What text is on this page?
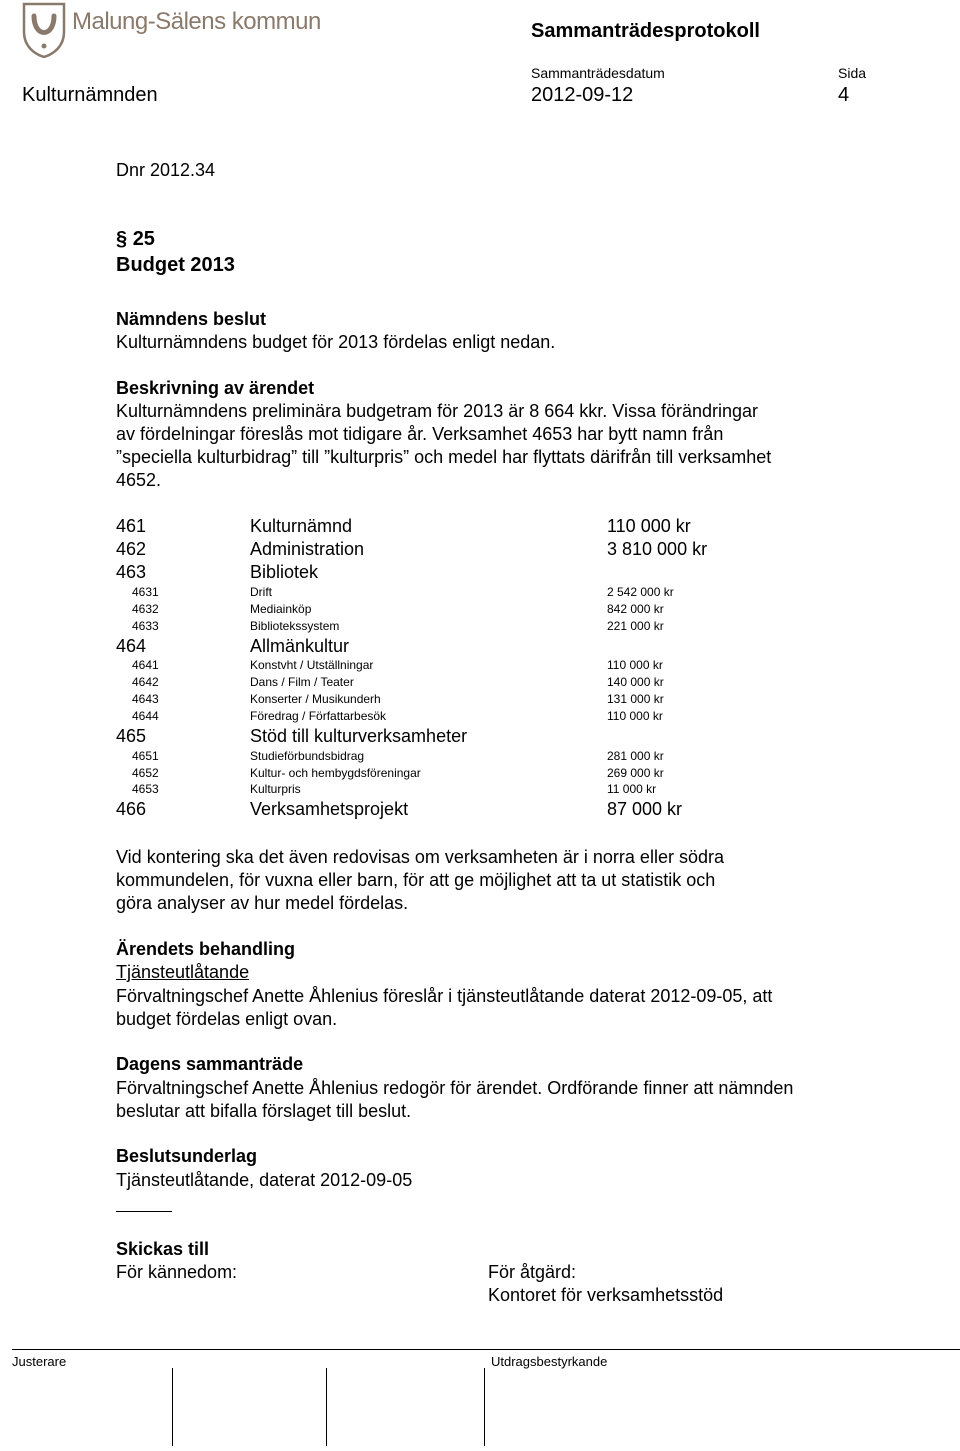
Malung-Sälens kommun	Sammanträdesprotokoll
Sammanträdesdatum	Sida
Kulturnämnden	2012-09-12	4
Dnr 2012.34
§ 25
Budget 2013
Nämndens beslut
Kulturnämndens budget för 2013 fördelas enligt nedan.
Beskrivning av ärendet
Kulturnämndens preliminära budgetram för 2013 är 8 664 kkr. Vissa förändringar
av fördelningar föreslås mot tidigare år. Verksamhet 4653 har bytt namn från
”speciella kulturbidrag” till ”kulturpris” och medel har flyttats därifrån till verksamhet
4652.
461	Kulturnämnd	110 000 kr
462	Administration	3 810 000 kr
463	Bibliotek
4631	Drift	2 542 000 kr
4632	Mediainköp	842 000 kr
4633	Bibliotekssystem	221 000 kr
464	Allmänkultur
4641	Konstvht / Utställningar	110 000 kr
4642	Dans / Film / Teater	140 000 kr
4643	Konserter / Musikunderh	131 000 kr
4644	Föredrag / Författarbesök	110 000 kr
465	Stöd till kulturverksamheter
4651	Studieförbundsbidrag	281 000 kr
4652	Kultur- och hembygdsföreningar	269 000 kr
4653	Kulturpris	11 000 kr
466	Verksamhetsprojekt	87 000 kr
Vid kontering ska det även redovisas om verksamheten är i norra eller södra
kommundelen, för vuxna eller barn, för att ge möjlighet att ta ut statistik och
göra analyser av hur medel fördelas.
Ärendets behandling
Tjänsteutlåtande
Förvaltningschef Anette Åhlenius föreslår i tjänsteutlåtande daterat 2012-09-05, att
budget fördelas enligt ovan.
Dagens sammanträde
Förvaltningschef Anette Åhlenius redogör för ärendet. Ordförande finner att nämnden
beslutar att bifalla förslaget till beslut.
Beslutsunderlag
Tjänsteutlåtande, daterat 2012-09-05
Skickas till
För kännedom:	För åtgärd:
Kontoret för verksamhetsstöd
Justerare	Utdragsbestyrkande
